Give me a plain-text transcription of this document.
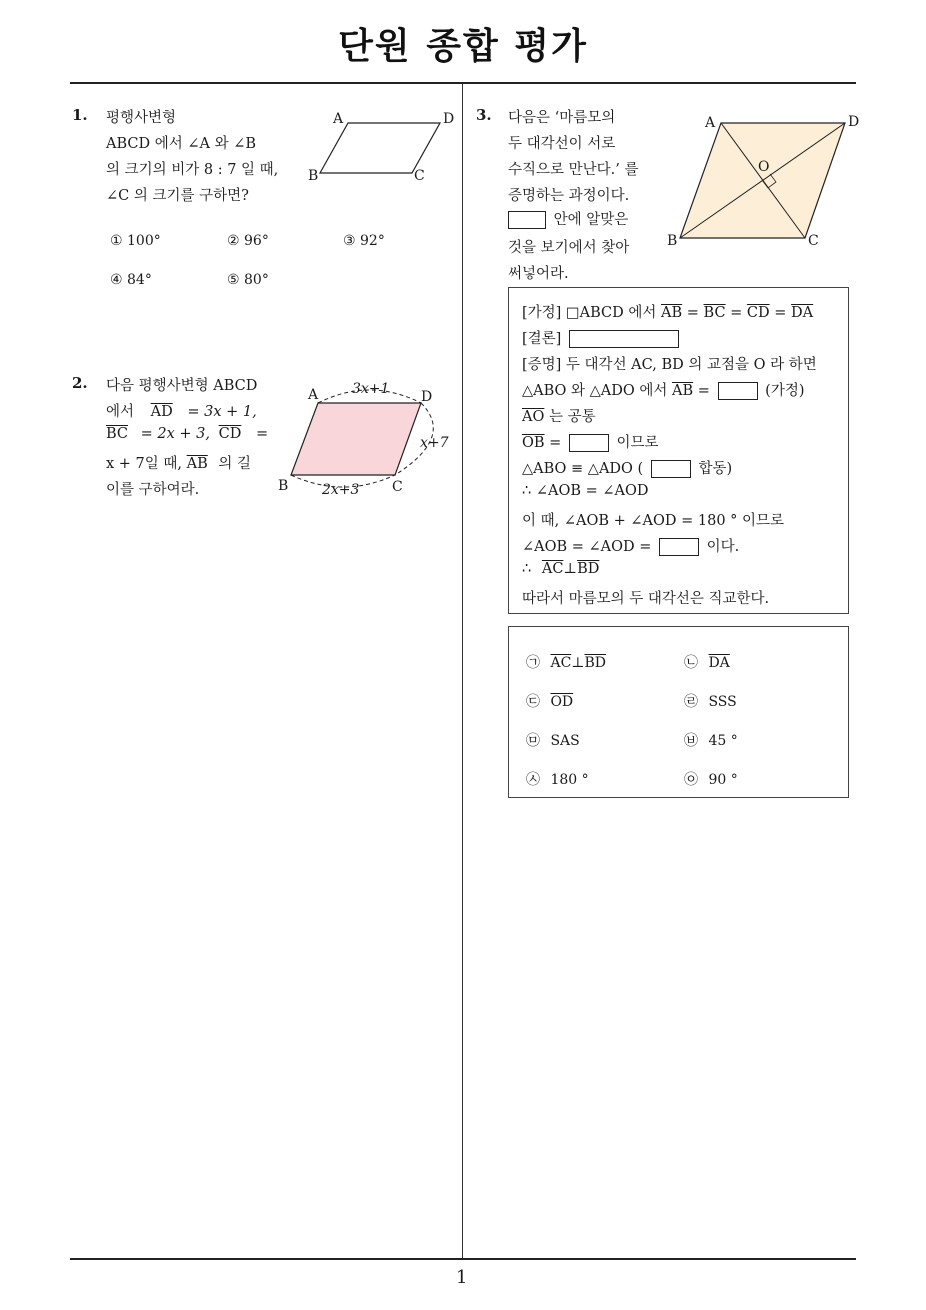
단원 종합 평가
1
1. 평행사변형
ABCD 에서 ∠A 와 ∠B
의 크기의 비가 8 : 7 일 때,
∠C 의 크기를 구하면?
A	D
B	C
① 100°	② 96°	③ 92°
④ 84°	⑤ 80°
2. 다음 평행사변형 ABCD
에서 $\overline{AD} = 3x + 1$,
$\overline{BC} = 2x + 3$, $\overline{CD}$ =
x + 7일 때, $\overline{AB}$ 의 길
이를 구하여라.
A	D
B	C
3x+1
x+7
2x+3
3. 다음은 ‘마름모의
두 대각선이 서로
수직으로 만난다.’ 를
증명하는 과정이다.
안에 알맞은
것을 보기에서 찾아
써넣어라.
A	D
B	C
O
[가정] □ABCD 에서 $\overline{AB} = \overline{BC} = \overline{CD} = \overline{DA}$
[결론]
[증명] 두 대각선 AC, BD 의 교점을 O 라 하면
△ABO 와 △ADO 에서 $\overline{AB}$ =	(가정)
$\overline{AO}$ 는 공통
$\overline{OB}$ =	이므로
△ABO ≡ △ADO (	합동)
∴ ∠AOB = ∠AOD
이 때, ∠AOB + ∠AOD = 180 ° 이므로
∠AOB = ∠AOD =	이다.
∴ $\overline{AC}\perp\overline{BD}$
따라서 마름모의 두 대각선은 직교한다.
㉠ $\overline{AC}\perp\overline{BD}$	㉡ $\overline{DA}$
㉢ $\overline{OD}$	㉣ SSS
㉤ SAS	㉥ 45 °
㉦ 180 °	㉧ 90 °
